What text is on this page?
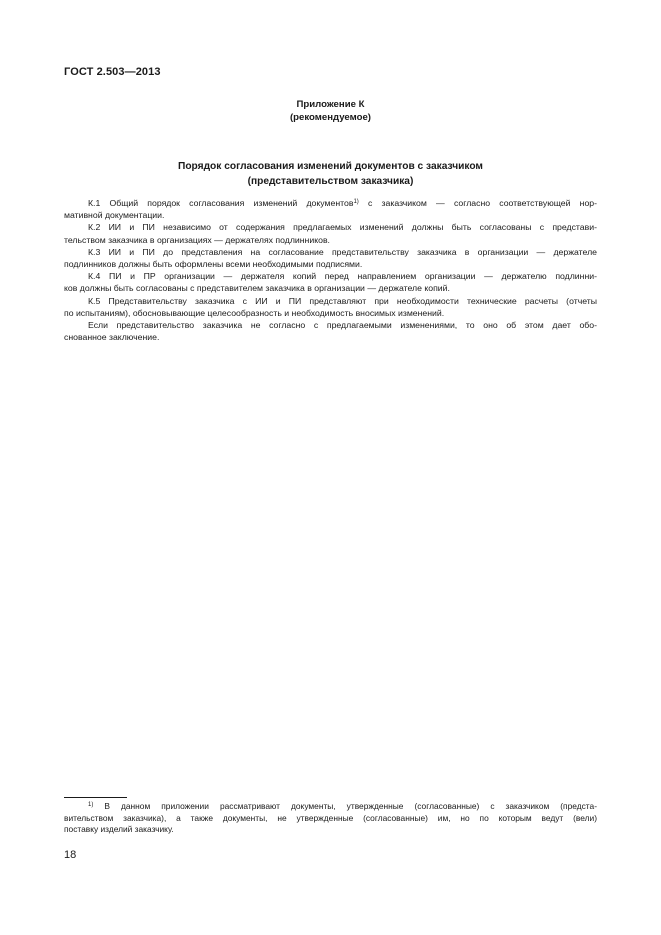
ГОСТ 2.503—2013
Приложение К
(рекомендуемое)
Порядок согласования изменений документов с заказчиком
(представительством заказчика)

К.1 Общий порядок согласования изменений документов$^{1)}$ с заказчиком — согласно соответствующей нор-
мативной документации.

К.2 ИИ и ПИ независимо от содержания предлагаемых изменений должны быть согласованы с представи-
тельством заказчика в организациях — держателях подлинников.

К.3 ИИ и ПИ до представления на согласование представительству заказчика в организации — держателе
подлинников должны быть оформлены всеми необходимыми подписями.

К.4 ПИ и ПР организации — держателя копий перед направлением организации — держателю подлинни-
ков должны быть согласованы с представителем заказчика в организации — держателе копий.

К.5 Представительству заказчика с ИИ и ПИ представляют при необходимости технические расчеты (отчеты
по испытаниям), обосновывающие целесообразность и необходимость вносимых изменений.

Если представительство заказчика не согласно с предлагаемыми изменениями, то оно об этом дает обо-
снованное заключение.

$^{1)}$ В данном приложении рассматривают документы, утвержденные (согласованные) с заказчиком (предста-
вительством заказчика), а также документы, не утвержденные (согласованные) им, но по которым ведут (вели)
поставку изделий заказчику.
18
